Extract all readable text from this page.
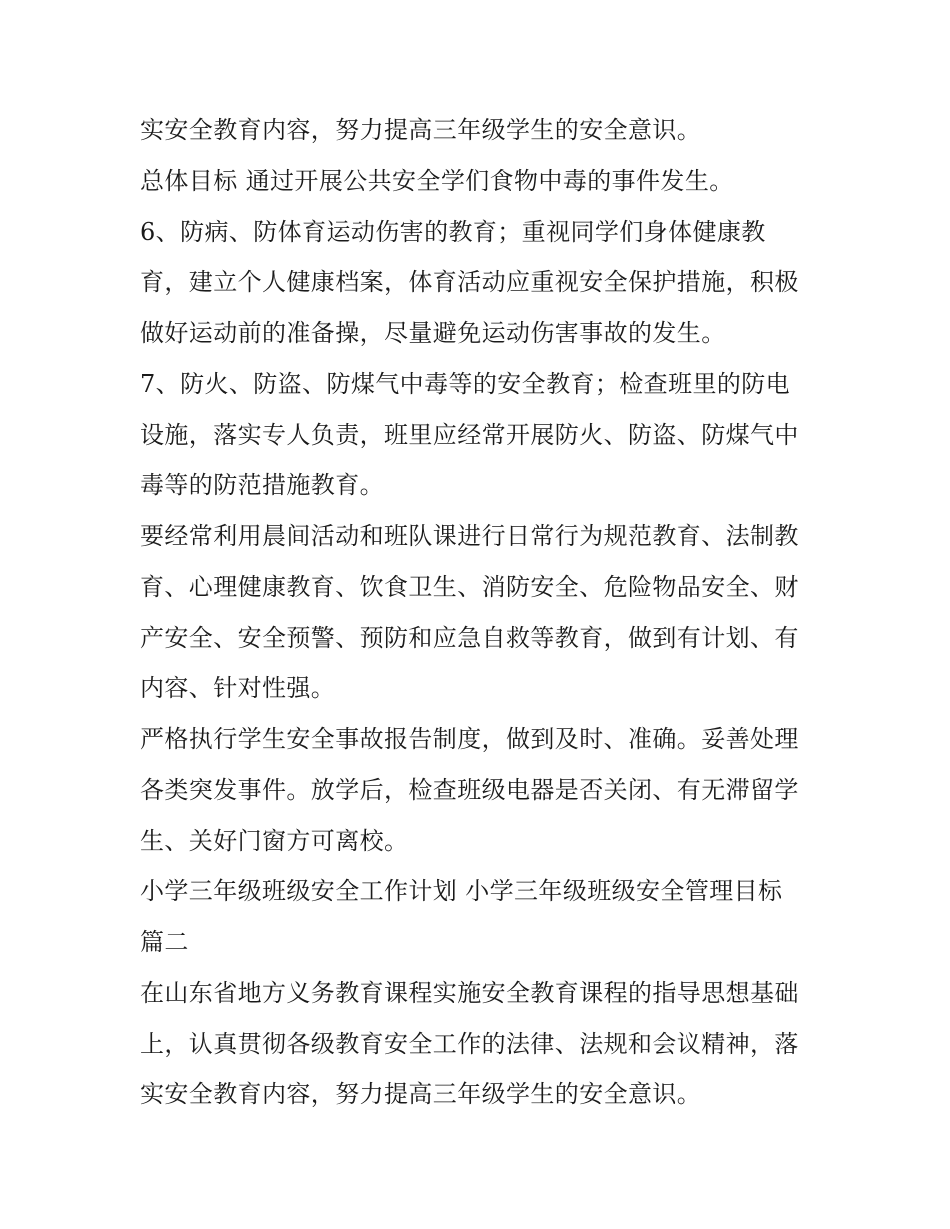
实安全教育内容，努力提高三年级学生的安全意识。
总体目标 通过开展公共安全学们食物中毒的事件发生。
6、防病、防体育运动伤害的教育；重视同学们身体健康教
育，建立个人健康档案，体育活动应重视安全保护措施，积极
做好运动前的准备操，尽量避免运动伤害事故的发生。
7、防火、防盗、防煤气中毒等的安全教育；检查班里的防电
设施，落实专人负责，班里应经常开展防火、防盗、防煤气中
毒等的防范措施教育。
要经常利用晨间活动和班队课进行日常行为规范教育、法制教
育、心理健康教育、饮食卫生、消防安全、危险物品安全、财
产安全、安全预警、预防和应急自救等教育，做到有计划、有
内容、针对性强。
严格执行学生安全事故报告制度，做到及时、准确。妥善处理
各类突发事件。放学后，检查班级电器是否关闭、有无滞留学
生、关好门窗方可离校。
小学三年级班级安全工作计划 小学三年级班级安全管理目标
篇二
在山东省地方义务教育课程实施安全教育课程的指导思想基础
上，认真贯彻各级教育安全工作的法律、法规和会议精神，落
实安全教育内容，努力提高三年级学生的安全意识。
